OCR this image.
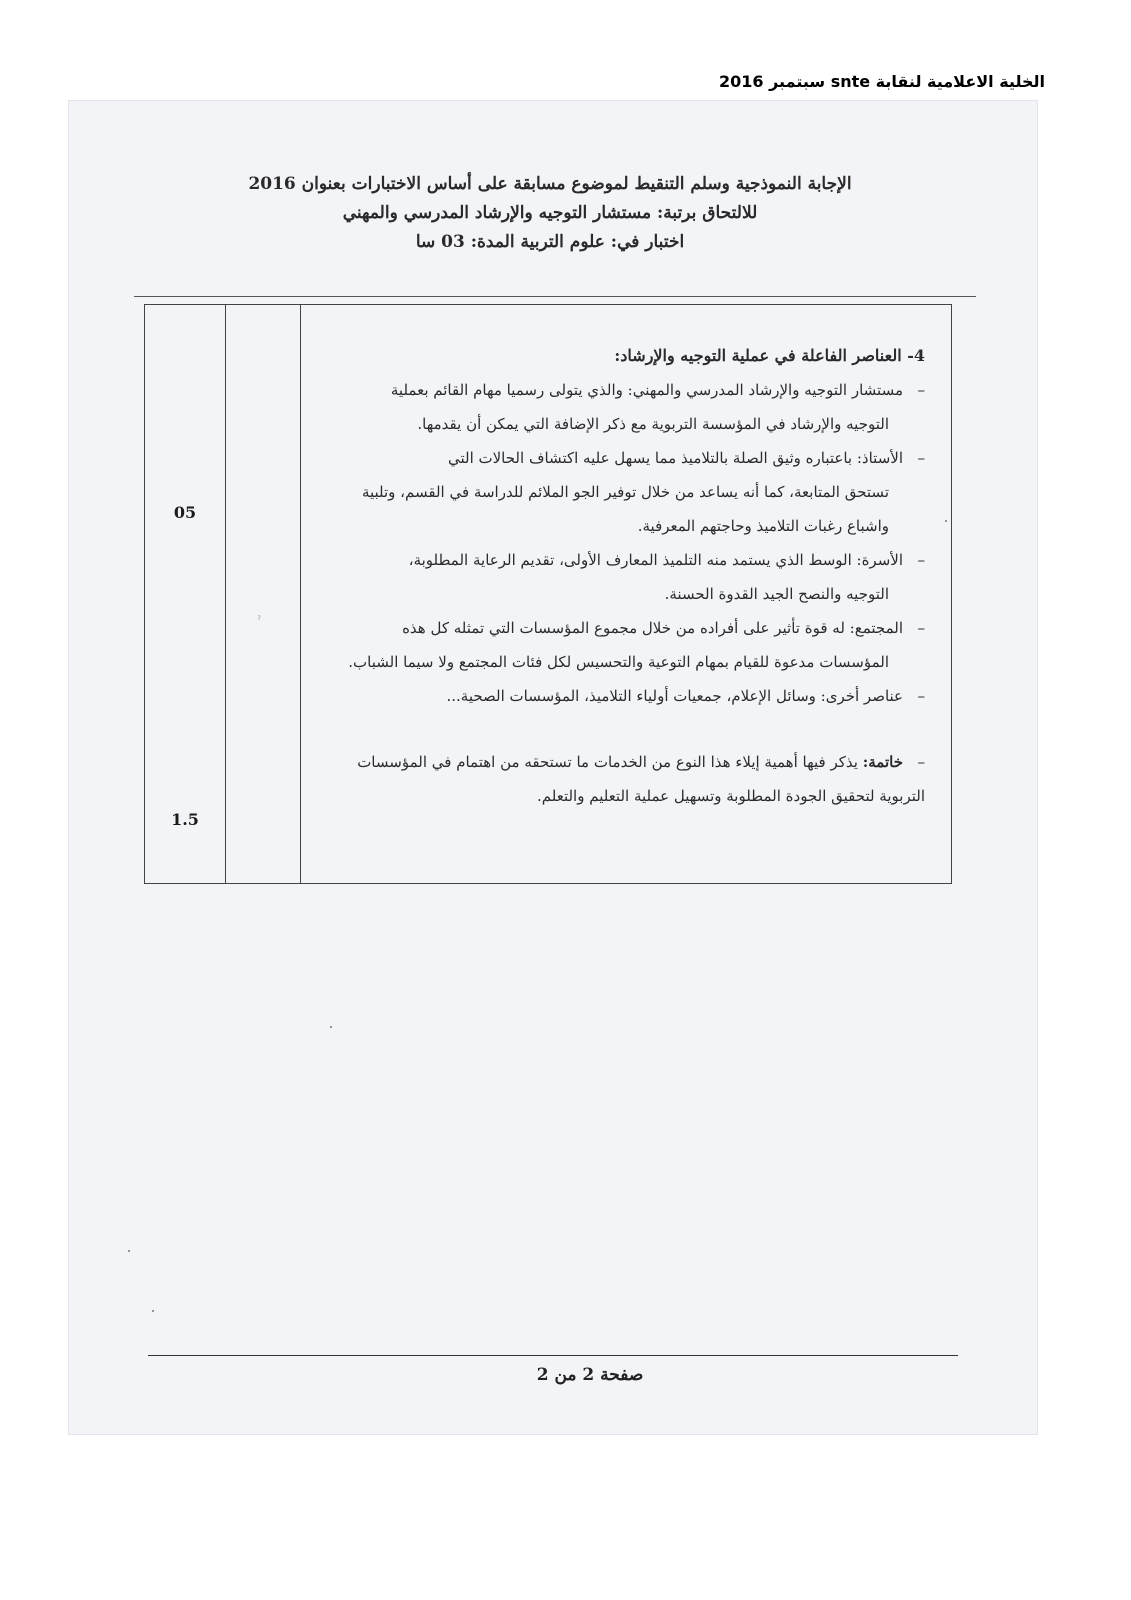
الخلية الاعلامية لنقابة snte سبتمبر 2016
الإجابة النموذجية وسلم التنقيط لموضوع مسابقة على أساس الاختبارات بعنوان 2016
للالتحاق برتبة: مستشار التوجيه والإرشاد المدرسي والمهني
اختبار في: علوم التربية المدة: 03 سا

4- العناصر الفاعلة في عملية التوجيه والإرشاد:

–مستشار التوجيه والإرشاد المدرسي والمهني: والذي يتولى رسميا مهام القائم بعملية
التوجيه والإرشاد في المؤسسة التربوية مع ذكر الإضافة التي يمكن أن يقدمها.
–الأستاذ: باعتباره وثيق الصلة بالتلاميذ مما يسهل عليه اكتشاف الحالات التي
تستحق المتابعة، كما أنه يساعد من خلال توفير الجو الملائم للدراسة في القسم، وتلبية واشباع رغبات التلاميذ وحاجتهم المعرفية.
–الأسرة: الوسط الذي يستمد منه التلميذ المعارف الأولى، تقديم الرعاية المطلوبة،
التوجيه والنصح الجيد القدوة الحسنة.
–المجتمع: له قوة تأثير على أفراده من خلال مجموع المؤسسات التي تمثله كل هذه
المؤسسات مدعوة للقيام بمهام التوعية والتحسيس لكل فئات المجتمع ولا سيما الشباب.
–عناصر أخرى: وسائل الإعلام، جمعيات أولياء التلاميذ، المؤسسات الصحية...
–خاتمة: يذكر فيها أهمية إيلاء هذا النوع من الخدمات ما تستحقه من اهتمام في المؤسسات التربوية لتحقيق الجودة المطلوبة وتسهيل عملية التعليم والتعلم.
ˀ
05
1.5
صفحة 2 من 2
